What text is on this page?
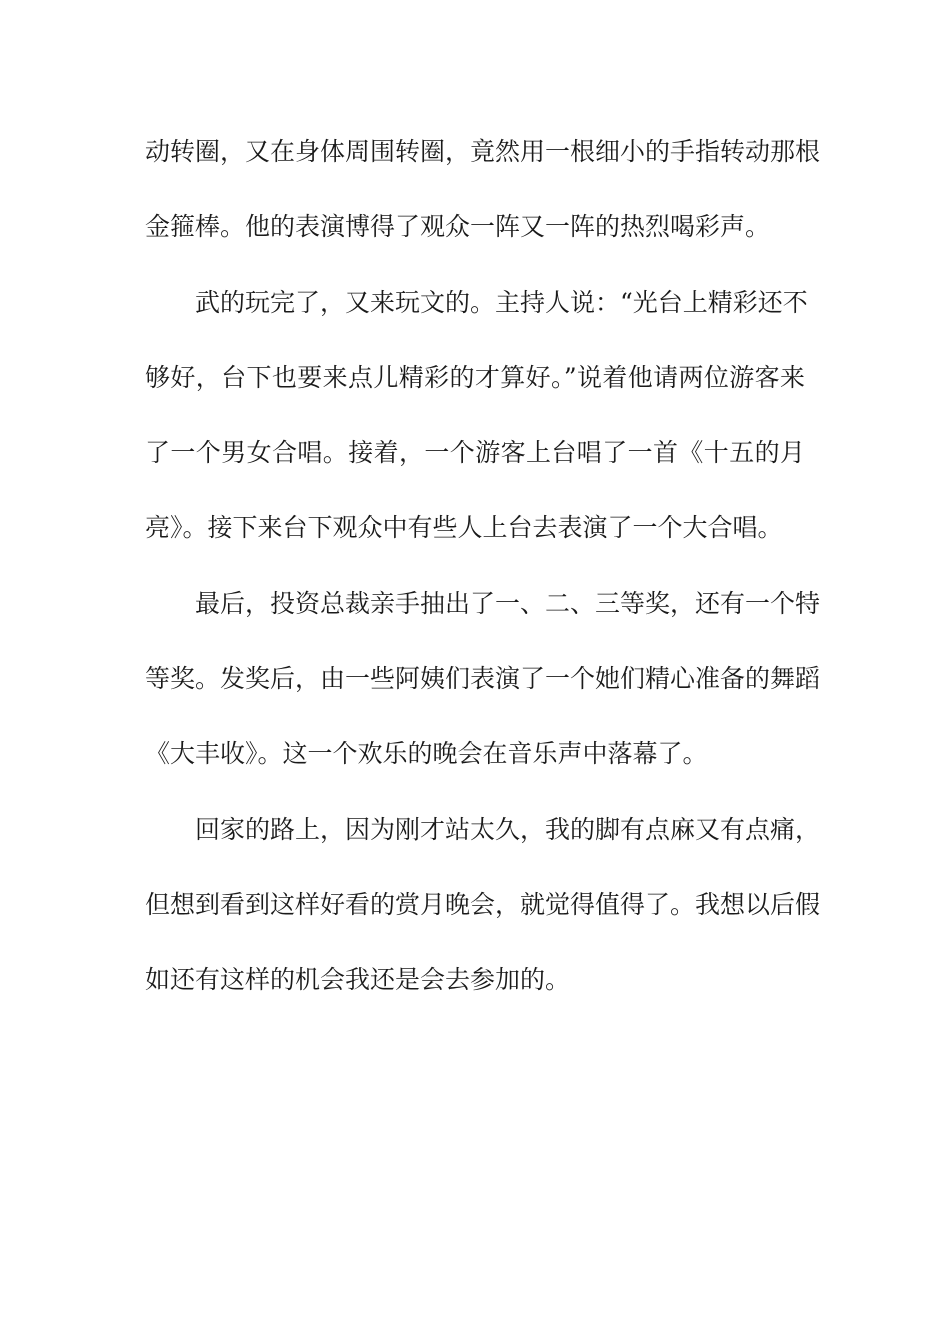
动转圈，又在身体周围转圈，竟然用一根细小的手指转动那根
金箍棒。他的表演博得了观众一阵又一阵的热烈喝彩声。
武的玩完了，又来玩文的。主持人说：“光台上精彩还不
够好，台下也要来点儿精彩的才算好。”说着他请两位游客来
了一个男女合唱。接着，一个游客上台唱了一首《十五的月
亮》。接下来台下观众中有些人上台去表演了一个大合唱。
最后，投资总裁亲手抽出了一、二、三等奖，还有一个特
等奖。发奖后，由一些阿姨们表演了一个她们精心准备的舞蹈
《大丰收》。这一个欢乐的晚会在音乐声中落幕了。
回家的路上，因为刚才站太久，我的脚有点麻又有点痛，
但想到看到这样好看的赏月晚会，就觉得值得了。我想以后假
如还有这样的机会我还是会去参加的。
